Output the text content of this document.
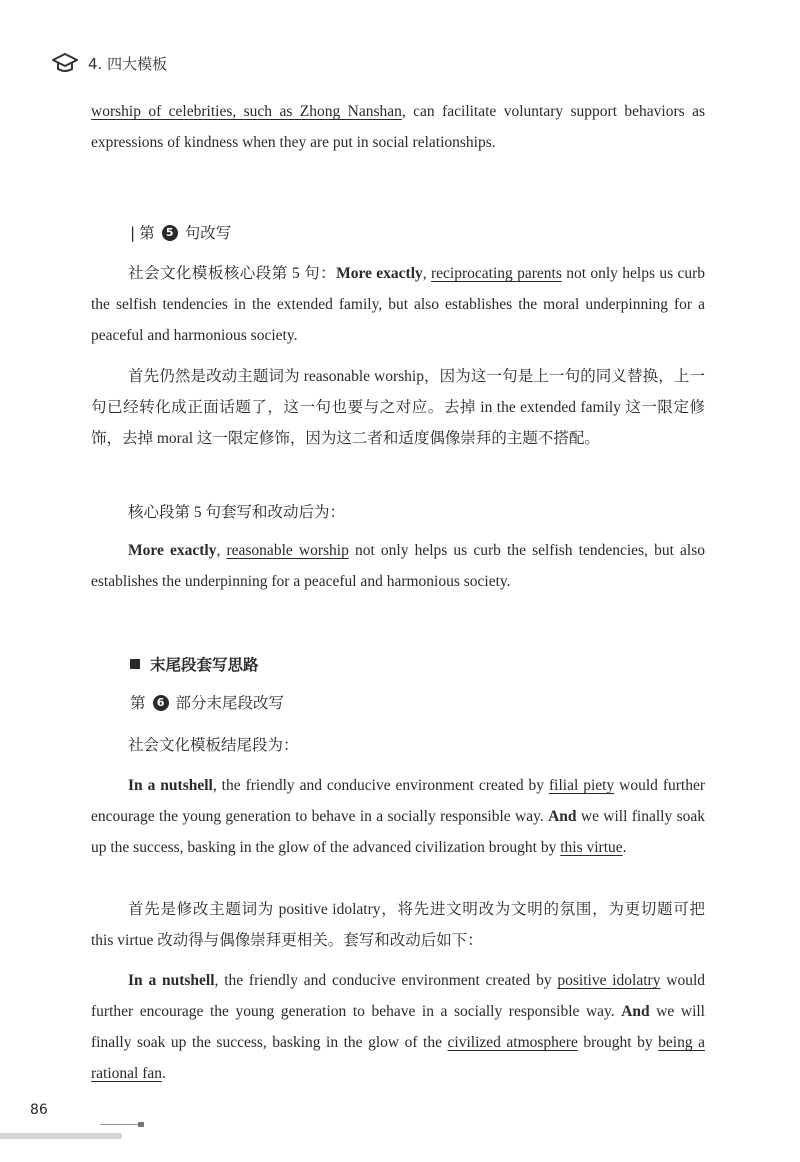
4. 四大模板

worship of celebrities, such as Zhong Nanshan, can facilitate voluntary support behaviors as expressions of kindness when they are put in social relationships.

| 第	5 句改写

社会文化模板核心段第 5 句：More exactly, reciprocating parents not only helps us curb the selfish tendencies in the extended family, but also establishes the moral underpinning for a peaceful and harmonious society.

首先仍然是改动主题词为 reasonable worship，因为这一句是上一句的同义替换，上一句已经转化成正面话题了，这一句也要与之对应。去掉 in the extended family 这一限定修饰，去掉 moral 这一限定修饰，因为这二者和适度偶像崇拜的主题不搭配。

核心段第 5 句套写和改动后为：

More exactly, reasonable worship not only helps us curb the selfish tendencies, but also establishes the underpinning for a peaceful and harmonious society.

末尾段套写思路
第	6 部分末尾段改写

社会文化模板结尾段为：

In a nutshell, the friendly and conducive environment created by filial piety would further encourage the young generation to behave in a socially responsible way. And we will finally soak up the success, basking in the glow of the advanced civilization brought by this virtue.

首先是修改主题词为 positive idolatry，将先进文明改为文明的氛围，为更切题可把 this virtue 改动得与偶像崇拜更相关。套写和改动后如下：

In a nutshell, the friendly and conducive environment created by positive idolatry would further encourage the young generation to behave in a socially responsible way. And we will finally soak up the success, basking in the glow of the civilized atmosphere brought by being a rational fan.

86
